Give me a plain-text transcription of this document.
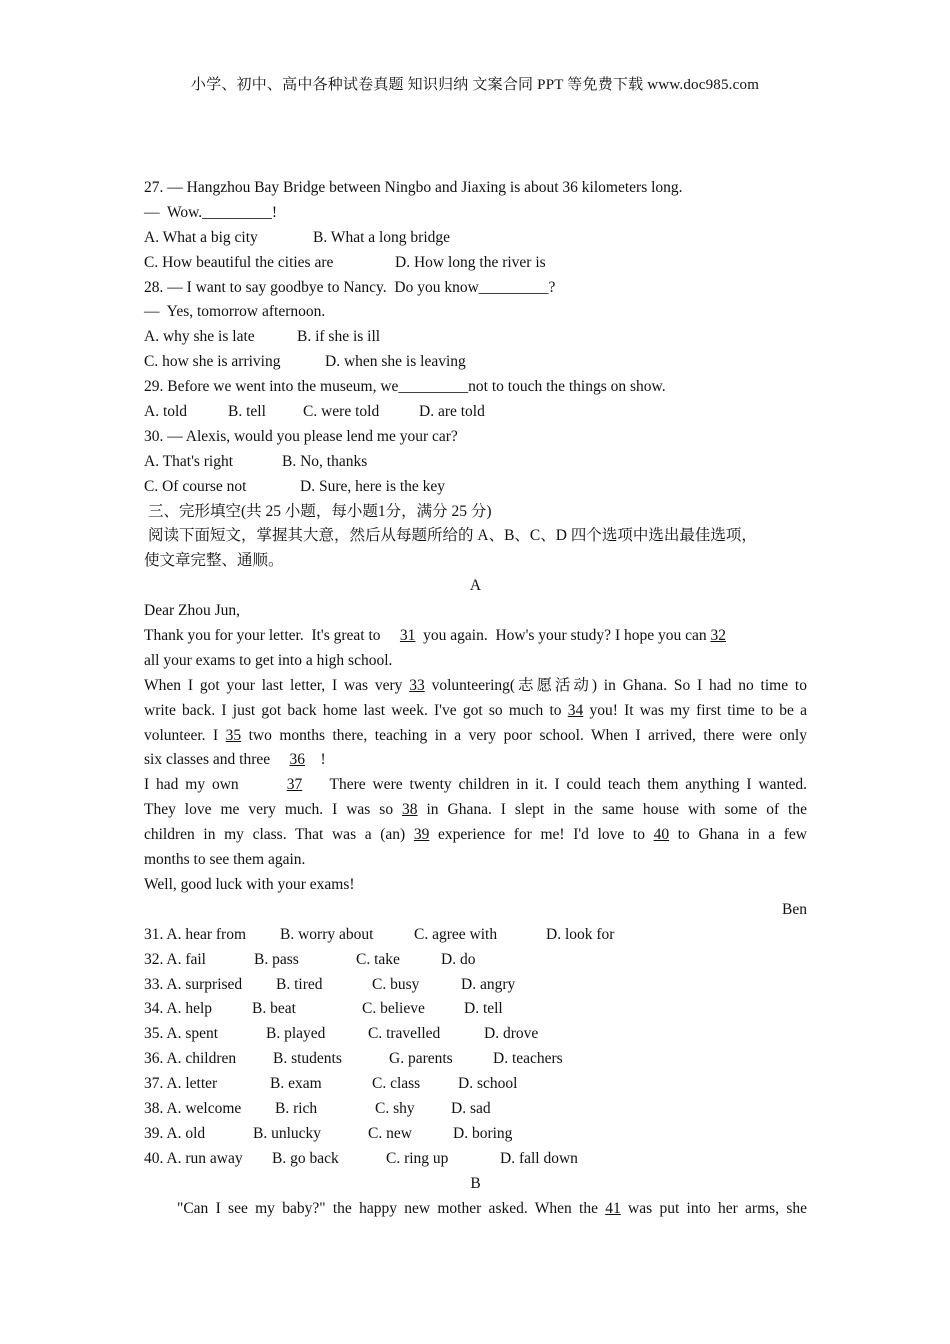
小学、初中、高中各种试卷真题 知识归纳 文案合同 PPT 等免费下载 www.doc985.com
27. — Hangzhou Bay Bridge between Ningbo and Jiaxing is about 36 kilometers long.
—  Wow._________!
A. What a big city	B. What a long bridge
C. How beautiful the cities are	D. How long the river is
28. — I want to say goodbye to Nancy.  Do you know_________?
—  Yes, tomorrow afternoon.
A. why she is late	B. if she is ill
C. how she is arriving	D. when she is leaving
29. Before we went into the museum, we_________not to touch the things on show.
A. told	B. tell C. were told	D. are told
30. — Alexis, would you please lend me your car?
A. That's right	B. No, thanks
C. Of course not	D. Sure, here is the key
三、完形填空(共 25 小题，每小题1分，满分 25 分)
阅读下面短文，掌握其大意，然后从每题所给的 A、B、C、D 四个选项中选出最佳选项，
使文章完整、通顺。
A
Dear Zhou Jun,
Thank you for your letter.  It's great to     31  you again.  How's your study? I hope you can 32
all your exams to get into a high school.
When I got your last letter, I was very 33 volunteering(志愿活动) in Ghana. So I had no time to
write back. I just got back home last week. I've got so much to 34 you! It was my first time to be a
volunteer. I 35 two months there, teaching in a very poor school. When I arrived, there were only
six classes and three     36    !
I had my own	37    There were twenty children in it. I could teach them anything I wanted.
They love me very much. I was so 38 in Ghana. I slept in the same house with some of the
children in my class. That was a (an) 39 experience for me! I'd love to 40 to Ghana in a few
months to see them again.
Well, good luck with your exams!
Ben
31. A. hear from B. worry about	C. agree with	D. look for
32. A. fail	B. pass	C. take	D. do
33. A. surprised B. tired	C. busy	D. angry
34. A. help	B. beat	C. believe	D. tell
35. A. spent	B. played	C. travelled	D. drove
36. A. children B. students	G. parents	D. teachers
37. A. letter	B. exam	C. class D. school
38. A. welcome B. rich	C. shy D. sad
39. A. old	B. unlucky	C. new	D. boring
40. A. run away B. go back	C. ring up	D. fall down
B
"Can I see my baby?" the happy new mother asked. When the 41 was put into her arms, she
